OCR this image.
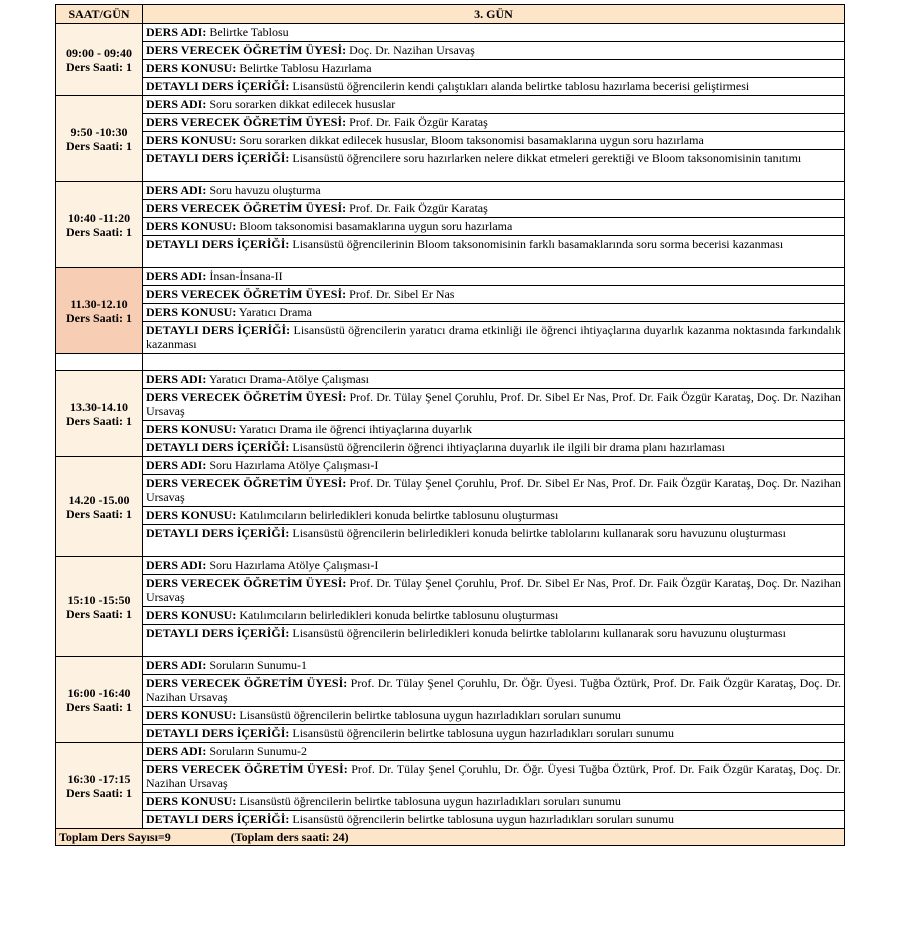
SAAT/GÜN	3. GÜN

09:00 - 09:40
Ders Saati: 1	DERS ADI: Belirtke Tablosu
	DERS VERECEK ÖĞRETİM ÜYESİ: Doç. Dr. Nazihan Ursavaş
	DERS KONUSU: Belirtke Tablosu Hazırlama
	DETAYLI DERS İÇERİĞİ: Lisansüstü öğrencilerin kendi çalıştıkları alanda belirtke tablosu hazırlama becerisi geliştirmesi

9:50 -10:30
Ders Saati: 1	DERS ADI: Soru sorarken dikkat edilecek hususlar
	DERS VERECEK ÖĞRETİM ÜYESİ: Prof. Dr. Faik Özgür Karataş
	DERS KONUSU: Soru sorarken dikkat edilecek hususlar, Bloom taksonomisi basamaklarına uygun soru hazırlama
	DETAYLI DERS İÇERİĞİ: Lisansüstü öğrencilere soru hazırlarken nelere dikkat etmeleri gerektiği ve Bloom taksonomisinin tanıtımı

10:40 -11:20
Ders Saati: 1	DERS ADI: Soru havuzu oluşturma
	DERS VERECEK ÖĞRETİM ÜYESİ: Prof. Dr. Faik Özgür Karataş
	DERS KONUSU: Bloom taksonomisi basamaklarına uygun soru hazırlama
	DETAYLI DERS İÇERİĞİ: Lisansüstü öğrencilerinin Bloom taksonomisinin farklı basamaklarında soru sorma becerisi kazanması

11.30-12.10
Ders Saati: 1	DERS ADI: İnsan-İnsana-II
	DERS VERECEK ÖĞRETİM ÜYESİ: Prof. Dr. Sibel Er Nas
	DERS KONUSU: Yaratıcı Drama
	DETAYLI DERS İÇERİĞİ: Lisansüstü öğrencilerin yaratıcı drama etkinliği ile öğrenci ihtiyaçlarına duyarlık kazanma noktasında farkındalık kazanması

13.30-14.10
Ders Saati: 1	DERS ADI: Yaratıcı Drama-Atölye Çalışması
	DERS VERECEK ÖĞRETİM ÜYESİ: Prof. Dr. Tülay Şenel Çoruhlu, Prof. Dr. Sibel Er Nas, Prof. Dr. Faik Özgür Karataş, Doç. Dr. Nazihan Ursavaş
	DERS KONUSU: Yaratıcı Drama ile öğrenci ihtiyaçlarına duyarlık
	DETAYLI DERS İÇERİĞİ: Lisansüstü öğrencilerin öğrenci ihtiyaçlarına duyarlık ile ilgili bir drama planı hazırlaması

14.20 -15.00
Ders Saati: 1	DERS ADI: Soru Hazırlama Atölye Çalışması-I
	DERS VERECEK ÖĞRETİM ÜYESİ: Prof. Dr. Tülay Şenel Çoruhlu, Prof. Dr. Sibel Er Nas, Prof. Dr. Faik Özgür Karataş, Doç. Dr. Nazihan Ursavaş
	DERS KONUSU: Katılımcıların belirledikleri konuda belirtke tablosunu oluşturması
	DETAYLI DERS İÇERİĞİ: Lisansüstü öğrencilerin belirledikleri konuda belirtke tablolarını kullanarak soru havuzunu oluşturması

15:10 -15:50
Ders Saati: 1	DERS ADI: Soru Hazırlama Atölye Çalışması-I
	DERS VERECEK ÖĞRETİM ÜYESİ: Prof. Dr. Tülay Şenel Çoruhlu, Prof. Dr. Sibel Er Nas, Prof. Dr. Faik Özgür Karataş, Doç. Dr. Nazihan Ursavaş
	DERS KONUSU: Katılımcıların belirledikleri konuda belirtke tablosunu oluşturması
	DETAYLI DERS İÇERİĞİ: Lisansüstü öğrencilerin belirledikleri konuda belirtke tablolarını kullanarak soru havuzunu oluşturması

16:00 -16:40
Ders Saati: 1	DERS ADI: Soruların Sunumu-1
	DERS VERECEK ÖĞRETİM ÜYESİ: Prof. Dr. Tülay Şenel Çoruhlu, Dr. Öğr. Üyesi. Tuğba Öztürk, Prof. Dr. Faik Özgür Karataş, Doç. Dr. Nazihan Ursavaş
	DERS KONUSU: Lisansüstü öğrencilerin belirtke tablosuna uygun hazırladıkları soruları sunumu
	DETAYLI DERS İÇERİĞİ: Lisansüstü öğrencilerin belirtke tablosuna uygun hazırladıkları soruları sunumu

16:30 -17:15
Ders Saati: 1	DERS ADI: Soruların Sunumu-2
	DERS VERECEK ÖĞRETİM ÜYESİ: Prof. Dr. Tülay Şenel Çoruhlu, Dr. Öğr. Üyesi Tuğba Öztürk, Prof. Dr. Faik Özgür Karataş, Doç. Dr. Nazihan Ursavaş
	DERS KONUSU: Lisansüstü öğrencilerin belirtke tablosuna uygun hazırladıkları soruları sunumu
	DETAYLI DERS İÇERİĞİ: Lisansüstü öğrencilerin belirtke tablosuna uygun hazırladıkları soruları sunumu
Toplam Ders Sayısı=9 (Toplam ders saati: 24)	
